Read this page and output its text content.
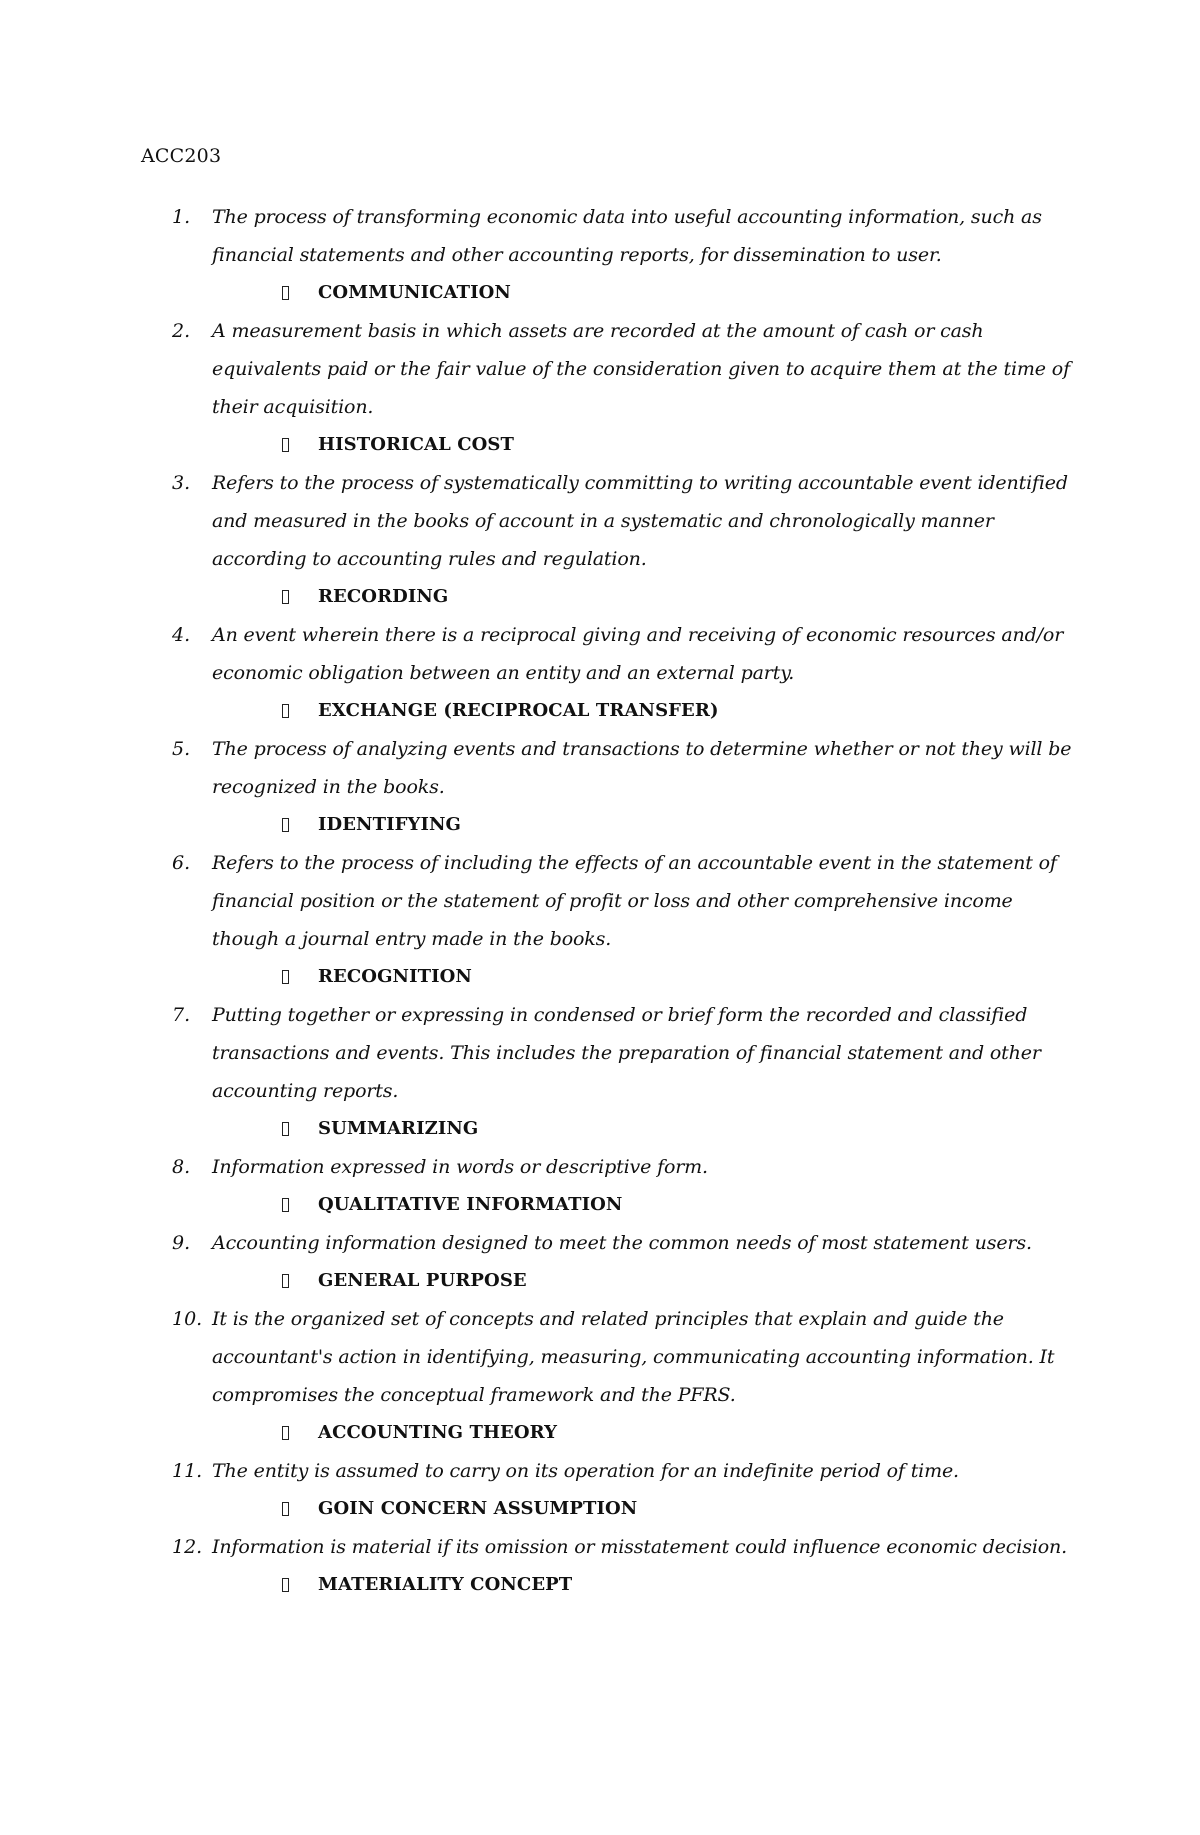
ACC203
1.	The process of transforming economic data into useful accounting information, such as financial statements and other accounting reports, for dissemination to user.
COMMUNICATION
2.	A measurement basis in which assets are recorded at the amount of cash or cash equivalents paid or the fair value of the consideration given to acquire them at the time of their acquisition.
HISTORICAL COST
3.	Refers to the process of systematically committing to writing accountable event identified and measured in the books of account in a systematic and chronologically manner according to accounting rules and regulation.
RECORDING
4.	An event wherein there is a reciprocal giving and receiving of economic resources and/or economic obligation between an entity and an external party.
EXCHANGE (RECIPROCAL TRANSFER)
5.	The process of analyzing events and transactions to determine whether or not they will be recognized in the books.
IDENTIFYING
6.	Refers to the process of including the effects of an accountable event in the statement of financial position or the statement of profit or loss and other comprehensive income though a journal entry made in the books.
RECOGNITION
7.	Putting together or expressing in condensed or brief form the recorded and classified transactions and events. This includes the preparation of financial statement and other accounting reports.
SUMMARIZING
8.	Information expressed in words or descriptive form.
QUALITATIVE INFORMATION
9.	Accounting information designed to meet the common needs of most statement users.
GENERAL PURPOSE
10. It is the organized set of concepts and related principles that explain and guide the accountant's action in identifying, measuring, communicating accounting information. It compromises the conceptual framework and the PFRS.
ACCOUNTING THEORY
11. The entity is assumed to carry on its operation for an indefinite period of time.
GOIN CONCERN ASSUMPTION
12. Information is material if its omission or misstatement could influence economic decision.
MATERIALITY CONCEPT
